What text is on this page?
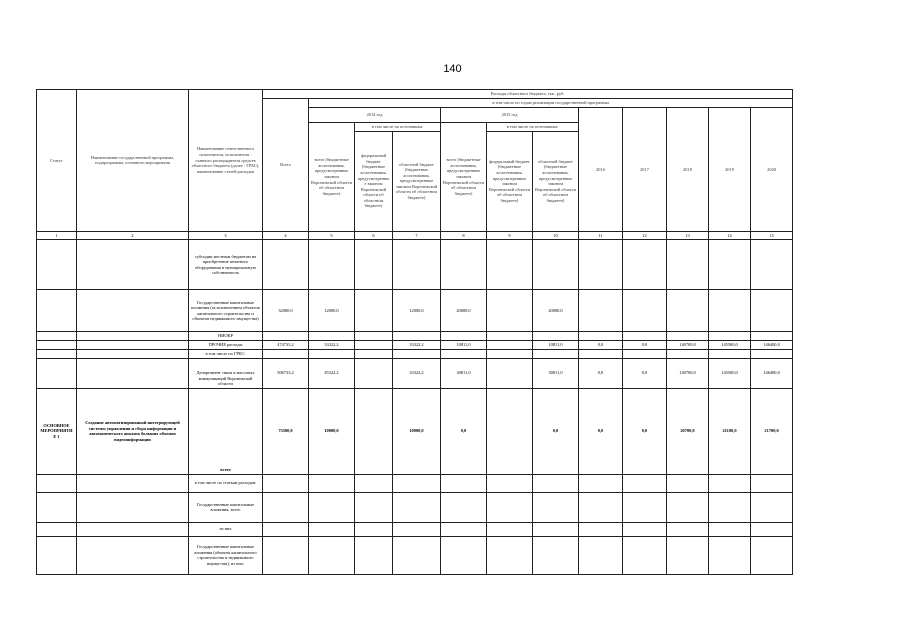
140
Статус	Наименование государственной программы, подпрограммы, основного мероприятия	Наименование ответственного исполнителя, исполнителя - главного распорядителя средств областного бюджета (далее - ГРБС), наименование статей расходов	Расходы областного бюджета, тыс. руб.											
			Всего	в том числе по годам реализации государственной программы										
				2014 год			2015 год			2016	2017	2018	2019	2020
				всего (бюджетные ассигнования, предусмотренные законом Воронежской области об областном бюджете)	в том числе по источникам:		всего (бюджетные ассигнования, предусмотренные законом Воронежской области об областном бюджете)	в том числе по источникам:						
					федеральный бюджет (бюджетные ассигнования, предусмотренные законом Воронежской области об областном бюджете)	областной бюджет (бюджетные ассигнования, предусмотренные законом Воронежской области об областном бюджете)		федеральный бюджет (бюджетные ассигнования, предусмотренные законом Воронежской области об областном бюджете)	областной бюджет (бюджетные ассигнования, предусмотренные законом Воронежской области об областном бюджете)					
1	2	3	4	5	6	7	8	9	10	11	12	13	14	15
		субсидии местным бюджетам на приобретение печатного оборудования в муниципальную собственность												
		Государственные капитальные вложения (за исключением объектов капитального строительства и объектов недвижимого имущества)	32000,0	12000,0		12000,0	20000,0		20000,0					
		НИОКР												
		ПРОЧИЕ расходы	474733,2	33322,2		33322,2	10811,0		10811,0	0,0	0,0	140700,0	145500,0	146400,0
		в том числе по ГРБС:												
		Департамент связи и массовых коммуникаций Воронежской области	506733,2	45322,2		33322,2	30811,0		30811,0	0,0	0,0	140700,0	145500,0	146400,0
ОСНОВНОЕ МЕРОПРИЯТИЕ 1	Создание автоматизированной интегрирующей системы управления и сбора информации и автоматического анализа больших объемов видеоинформации	всего	73500,0	10000,0		10000,0	0,0		0,0	0,0	0,0	20700,0	21100,0	21700,0
		в том числе по статьям расходов:												
		Государственные капитальные вложения, всего												
		из них												
		Государственные капитальные вложения (объекты капитального строительства и недвижимого имущества), из них:												
